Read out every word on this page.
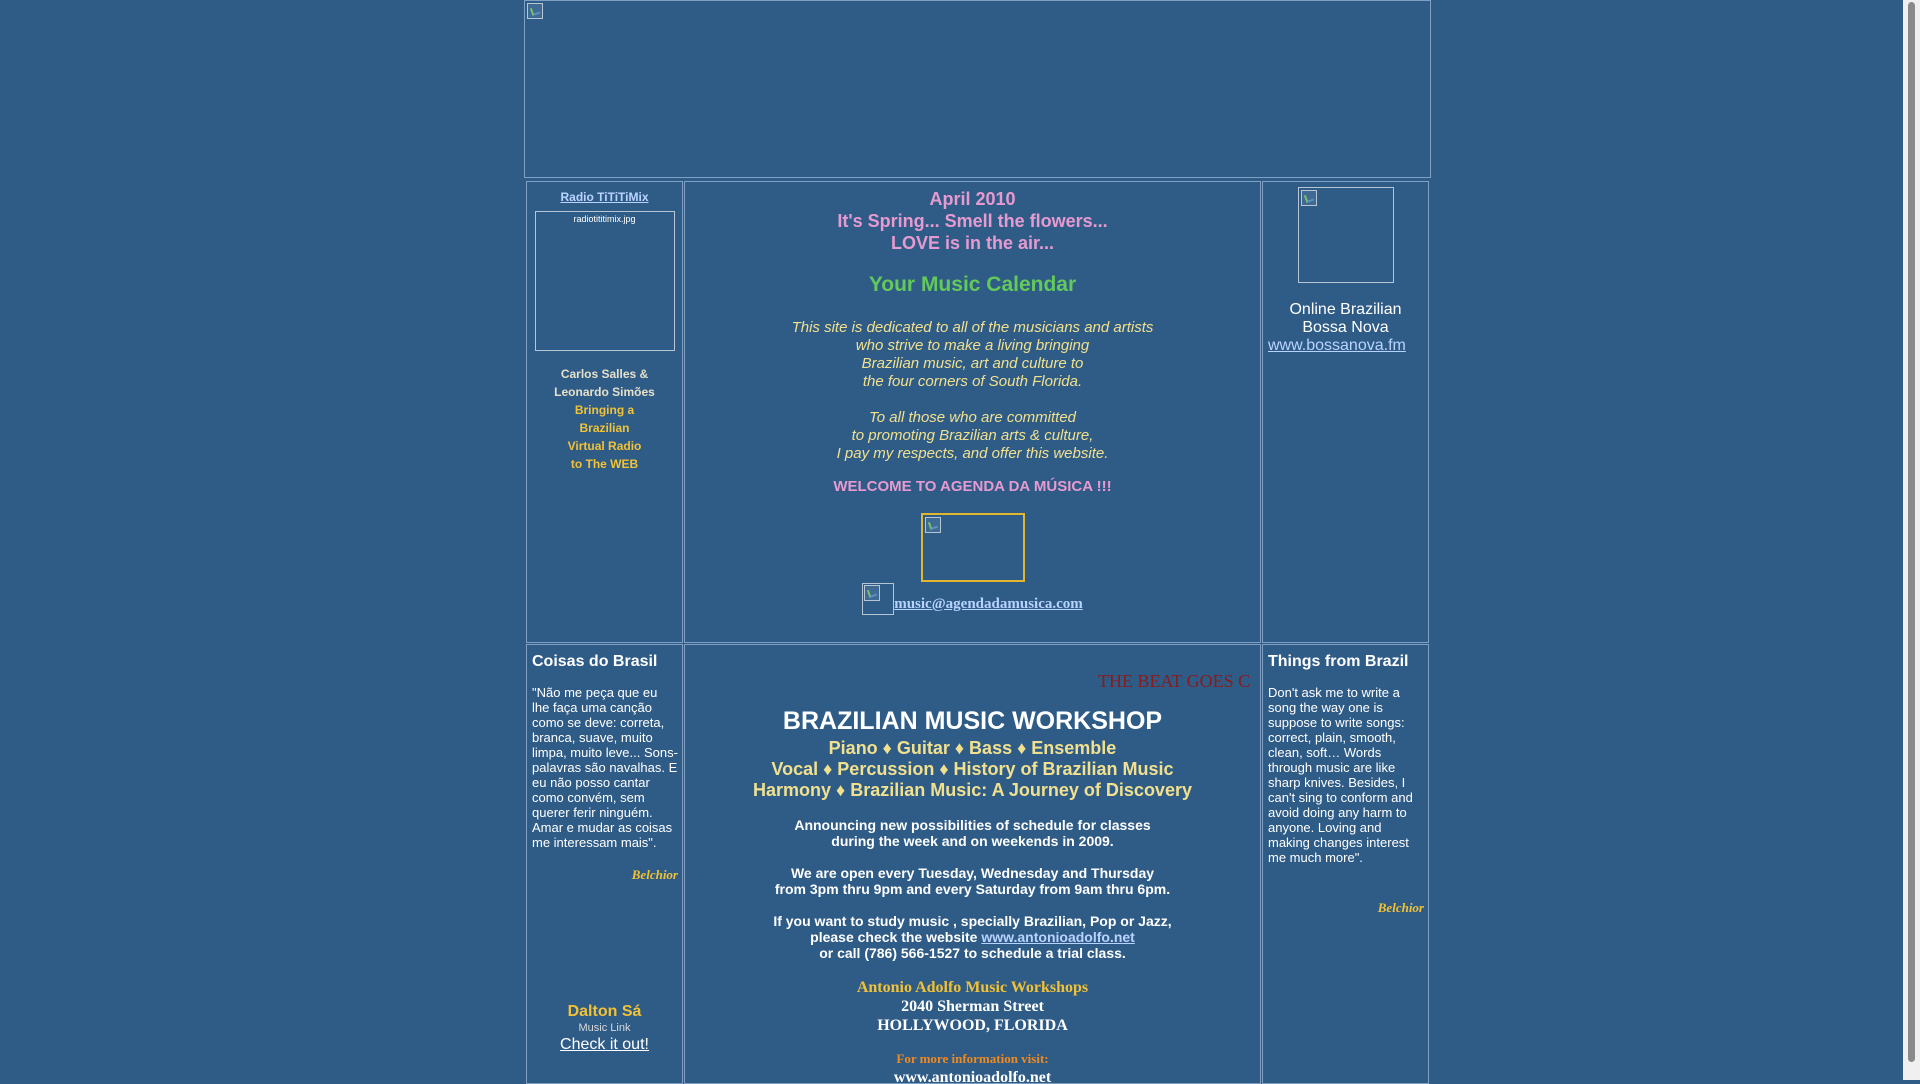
Radio TiTiTiMix
radiotititimix.jpg
Carlos Salles &
Leonardo Simões
Bringing a
Brazilian
Virtual Radio
to The WEB
April 2010
It's Spring... Smell the flowers...
LOVE is in the air...
Your Music Calendar
This site is dedicated to all of the musicians and artists
who strive to make a living bringing
Brazilian music, art and culture to
the four corners of South Florida.
To all those who are committed
to promoting Brazilian arts & culture,
I pay my respects, and offer this website.
WELCOME TO AGENDA DA MÚSICA !!!
music@agendadamusica.com
Online Brazilian
Bossa Nova
www.bossanova.fm
Coisas do Brasil
"Não me peça que eu lhe faça uma canção como se deve: correta, branca, suave, muito limpa, muito leve... Sons-palavras são navalhas. E eu não posso cantar como convém, sem querer ferir ninguém. Amar e mudar as coisas me interessam mais".
Belchior
Dalton Sá
Music Link
Check it out!
THE BEAT GOES C
BRAZILIAN MUSIC WORKSHOP
Piano ♦ Guitar ♦ Bass ♦ Ensemble
Vocal ♦ Percussion ♦ History of Brazilian Music
Harmony ♦ Brazilian Music: A Journey of Discovery
Announcing new possibilities of schedule for classes
during the week and on weekends in 2009.
We are open every Tuesday, Wednesday and Thursday
from 3pm thru 9pm and every Saturday from 9am thru 6pm.
If you want to study music , specially Brazilian, Pop or Jazz,
please check the website www.antonioadolfo.net
or call (786) 566-1527 to schedule a trial class.
Antonio Adolfo Music Workshops
2040 Sherman Street
HOLLYWOOD, FLORIDA
For more information visit:
www.antonioadolfo.net
Things from Brazil
Don't ask me to write a song the way one is suppose to write songs: correct, plain, smooth, clean, soft… Words through music are like sharp knives. Besides, I can't sing to conform and avoid doing any harm to anyone. Loving and making changes interest me much more".
Belchior
